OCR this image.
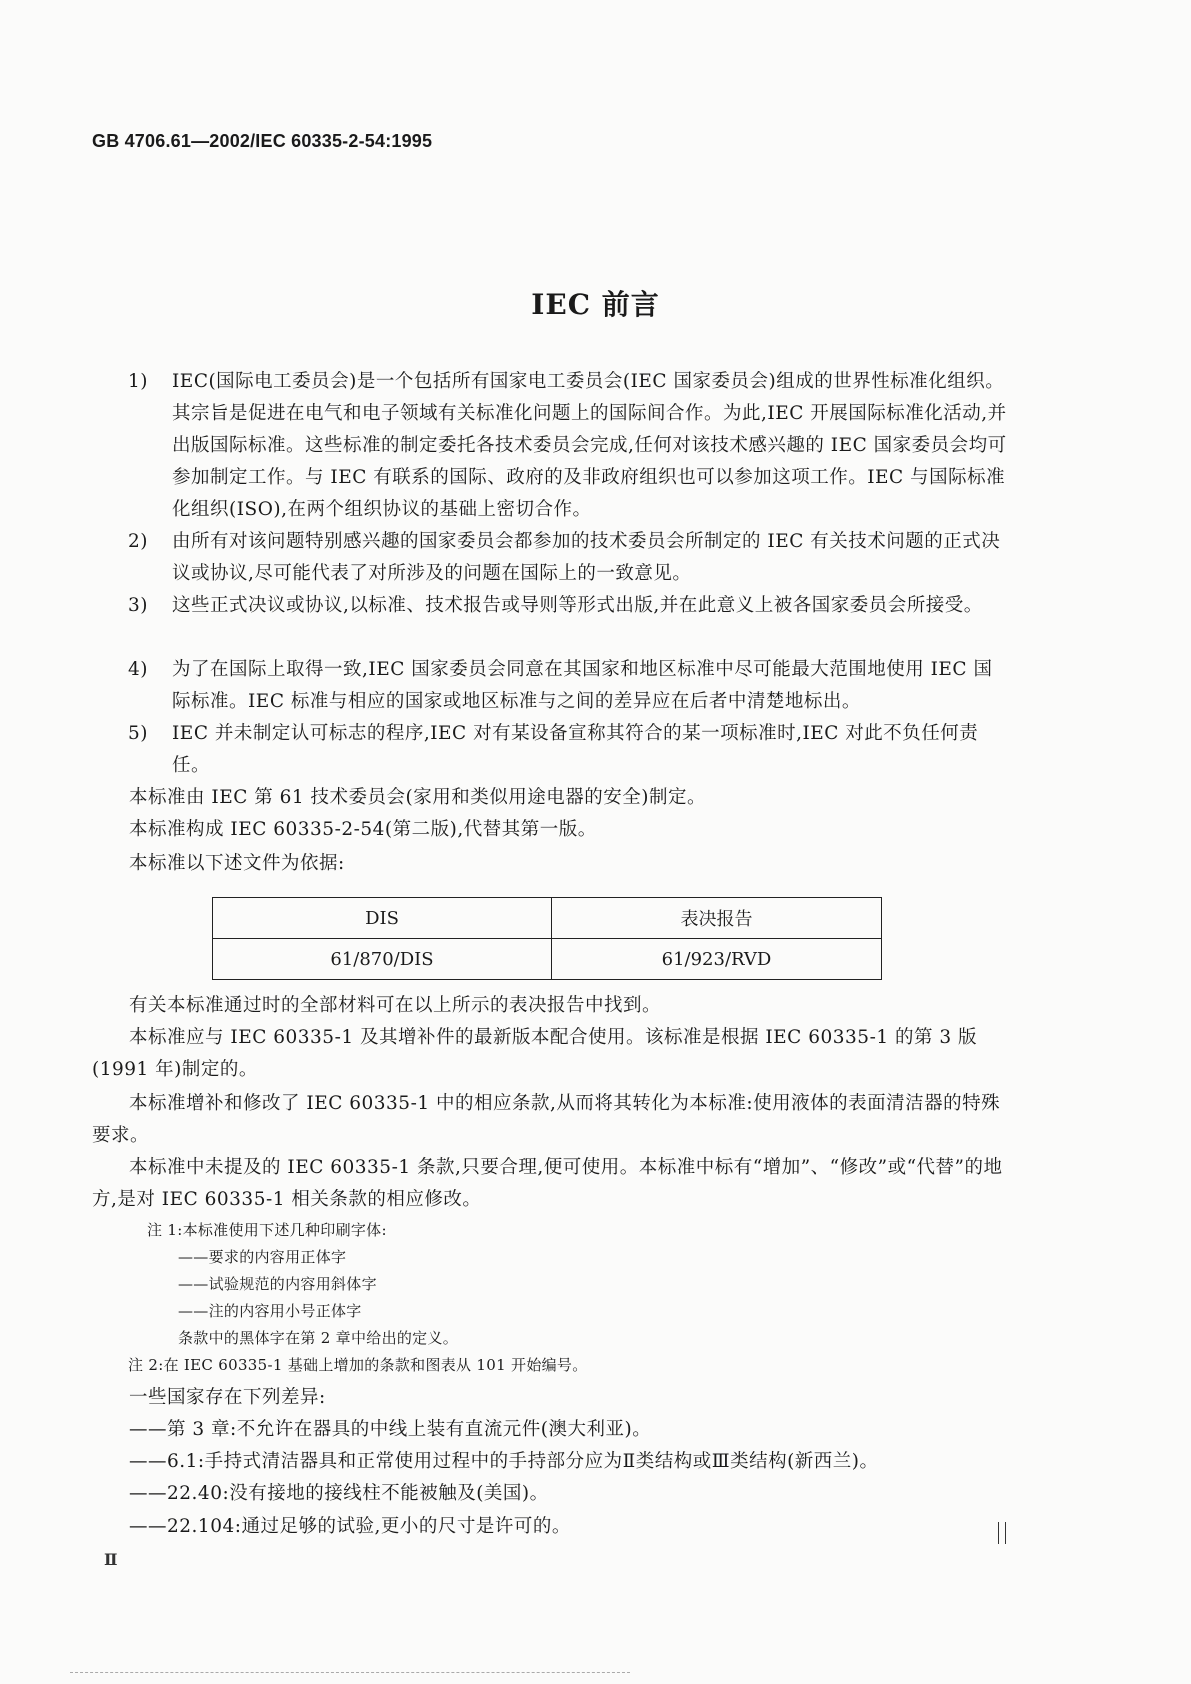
GB 4706.61—2002/IEC 60335-2-54:1995
IEC 前言
1) IEC(国际电工委员会)是一个包括所有国家电工委员会(IEC 国家委员会)组成的世界性标准化组织。其宗旨是促进在电气和电子领域有关标准化问题上的国际间合作。为此,IEC 开展国际标准化活动,并出版国际标准。这些标准的制定委托各技术委员会完成,任何对该技术感兴趣的 IEC 国家委员会均可参加制定工作。与 IEC 有联系的国际、政府的及非政府组织也可以参加这项工作。IEC 与国际标准化组织(ISO),在两个组织协议的基础上密切合作。
2) 由所有对该问题特别感兴趣的国家委员会都参加的技术委员会所制定的 IEC 有关技术问题的正式决议或协议,尽可能代表了对所涉及的问题在国际上的一致意见。
3) 这些正式决议或协议,以标准、技术报告或导则等形式出版,并在此意义上被各国家委员会所接受。
4) 为了在国际上取得一致,IEC 国家委员会同意在其国家和地区标准中尽可能最大范围地使用 IEC 国际标准。IEC 标准与相应的国家或地区标准与之间的差异应在后者中清楚地标出。
5) IEC 并未制定认可标志的程序,IEC 对有某设备宣称其符合的某一项标准时,IEC 对此不负任何责任。
本标准由 IEC 第 61 技术委员会(家用和类似用途电器的安全)制定。
本标准构成 IEC 60335-2-54(第二版),代替其第一版。
本标准以下述文件为依据:
DIS	表决报告
61/870/DIS	61/923/RVD
有关本标准通过时的全部材料可在以上所示的表决报告中找到。
本标准应与 IEC 60335-1 及其增补件的最新版本配合使用。该标准是根据 IEC 60335-1 的第 3 版(1991 年)制定的。
本标准增补和修改了 IEC 60335-1 中的相应条款,从而将其转化为本标准:使用液体的表面清洁器的特殊要求。
本标准中未提及的 IEC 60335-1 条款,只要合理,便可使用。本标准中标有“增加”、“修改”或“代替”的地方,是对 IEC 60335-1 相关条款的相应修改。
注 1:本标准使用下述几种印刷字体:
——要求的内容用正体字
——试验规范的内容用斜体字
——注的内容用小号正体字
条款中的黑体字在第 2 章中给出的定义。
注 2:在 IEC 60335-1 基础上增加的条款和图表从 101 开始编号。
一些国家存在下列差异:
——第 3 章:不允许在器具的中线上装有直流元件(澳大利亚)。
——6.1:手持式清洁器具和正常使用过程中的手持部分应为Ⅱ类结构或Ⅲ类结构(新西兰)。
——22.40:没有接地的接线柱不能被触及(美国)。
——22.104:通过足够的试验,更小的尺寸是许可的。
Ⅱ
